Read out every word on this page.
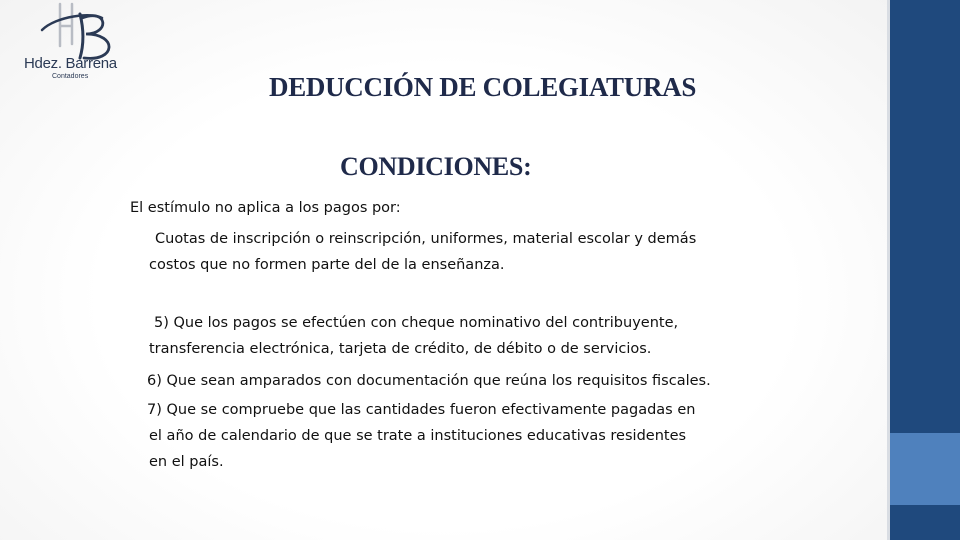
Hdez. Barrena
Contadores	DEDUCCIÓN DE COLEGIATURAS
CONDICIONES:
El estímulo no aplica a los pagos por:
Cuotas de inscripción o reinscripción, uniformes, material escolar y demás
costos que no formen parte del de la enseñanza.
5) Que los pagos se efectúen con cheque nominativo del contribuyente,
transferencia electrónica, tarjeta de crédito, de débito o de servicios.
6) Que sean amparados con documentación que reúna los requisitos fiscales.
7) Que se compruebe que las cantidades fueron efectivamente pagadas en
el año de calendario de que se trate a instituciones educativas residentes
en el país.
